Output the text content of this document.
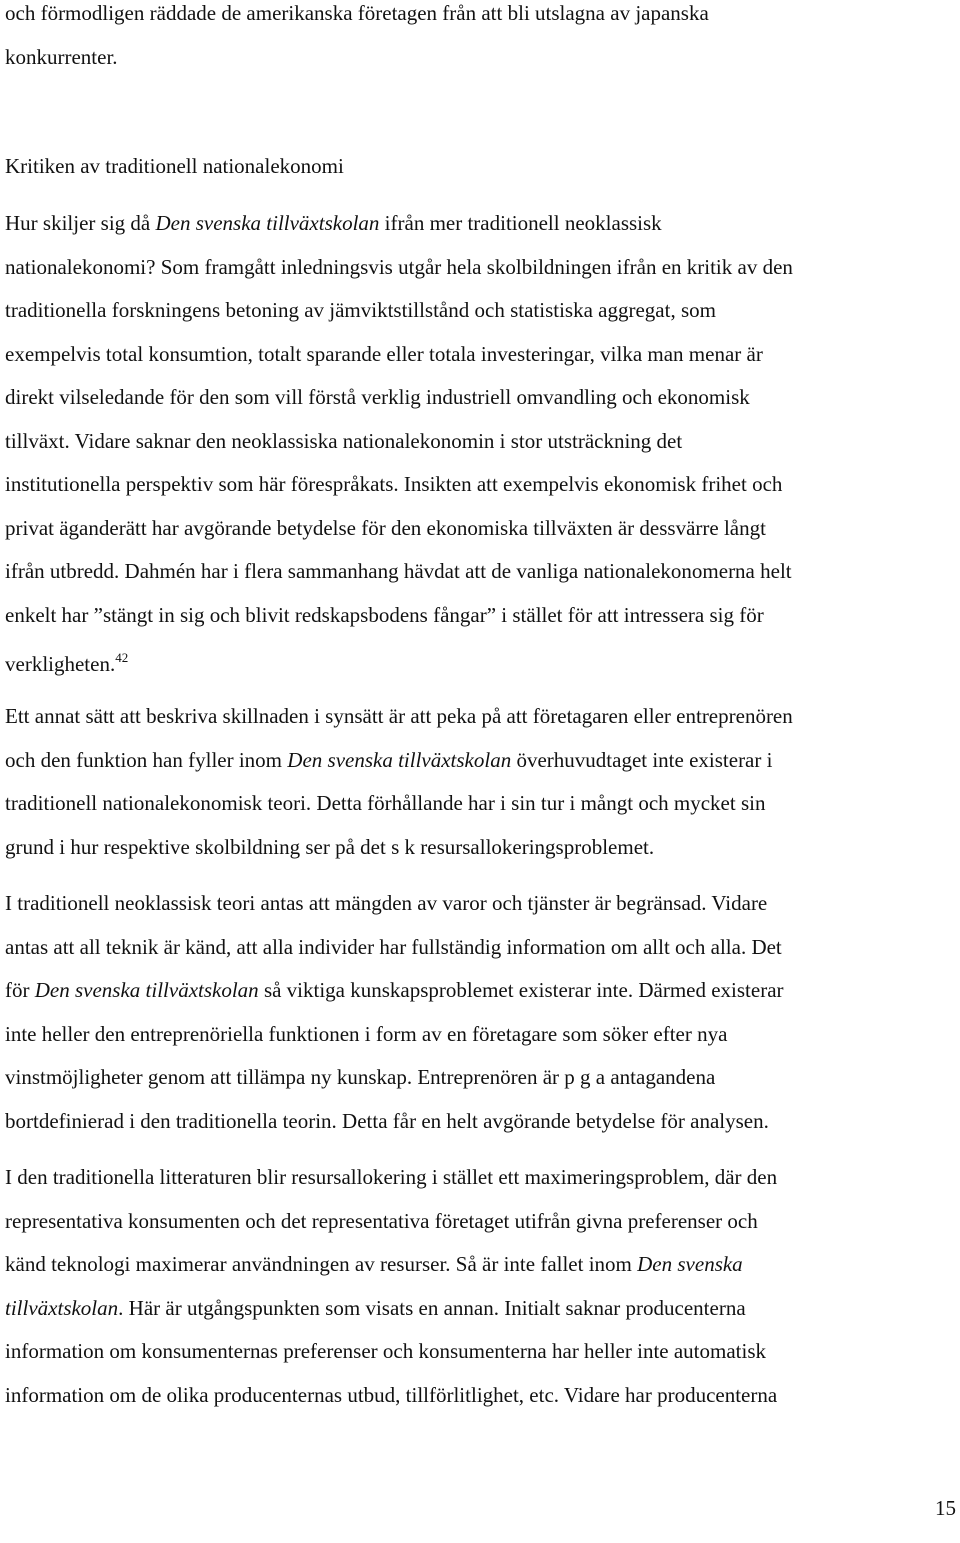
och förmodligen räddade de amerikanska företagen från att bli utslagna av japanska

konkurrenter.

Kritiken av traditionell nationalekonomi

Hur skiljer sig då Den svenska tillväxtskolan ifrån mer traditionell neoklassisk

nationalekonomi? Som framgått inledningsvis utgår hela skolbildningen ifrån en kritik av den

traditionella forskningens betoning av jämviktstillstånd och statistiska aggregat, som

exempelvis total konsumtion, totalt sparande eller totala investeringar, vilka man menar är

direkt vilseledande för den som vill förstå verklig industriell omvandling och ekonomisk

tillväxt. Vidare saknar den neoklassiska nationalekonomin i stor utsträckning det

institutionella perspektiv som här förespråkats. Insikten att exempelvis ekonomisk frihet och

privat äganderätt har avgörande betydelse för den ekonomiska tillväxten är dessvärre långt

ifrån utbredd. Dahmén har i flera sammanhang hävdat att de vanliga nationalekonomerna helt

enkelt har ”stängt in sig och blivit redskapsbodens fångar” i stället för att intressera sig för

verkligheten.$^{42}$

Ett annat sätt att beskriva skillnaden i synsätt är att peka på att företagaren eller entreprenören

och den funktion han fyller inom Den svenska tillväxtskolan överhuvudtaget inte existerar i

traditionell nationalekonomisk teori. Detta förhållande har i sin tur i mångt och mycket sin

grund i hur respektive skolbildning ser på det s k resursallokeringsproblemet.

I traditionell neoklassisk teori antas att mängden av varor och tjänster är begränsad. Vidare

antas att all teknik är känd, att alla individer har fullständig information om allt och alla. Det

för Den svenska tillväxtskolan så viktiga kunskapsproblemet existerar inte. Därmed existerar

inte heller den entreprenöriella funktionen i form av en företagare som söker efter nya

vinstmöjligheter genom att tillämpa ny kunskap. Entreprenören är p g a antagandena

bortdefinierad i den traditionella teorin. Detta får en helt avgörande betydelse för analysen.

I den traditionella litteraturen blir resursallokering i stället ett maximeringsproblem, där den

representativa konsumenten och det representativa företaget utifrån givna preferenser och

känd teknologi maximerar användningen av resurser. Så är inte fallet inom Den svenska

tillväxtskolan. Här är utgångspunkten som visats en annan. Initialt saknar producenterna

information om konsumenternas preferenser och konsumenterna har heller inte automatisk

information om de olika producenternas utbud, tillförlitlighet, etc. Vidare har producenterna

15
